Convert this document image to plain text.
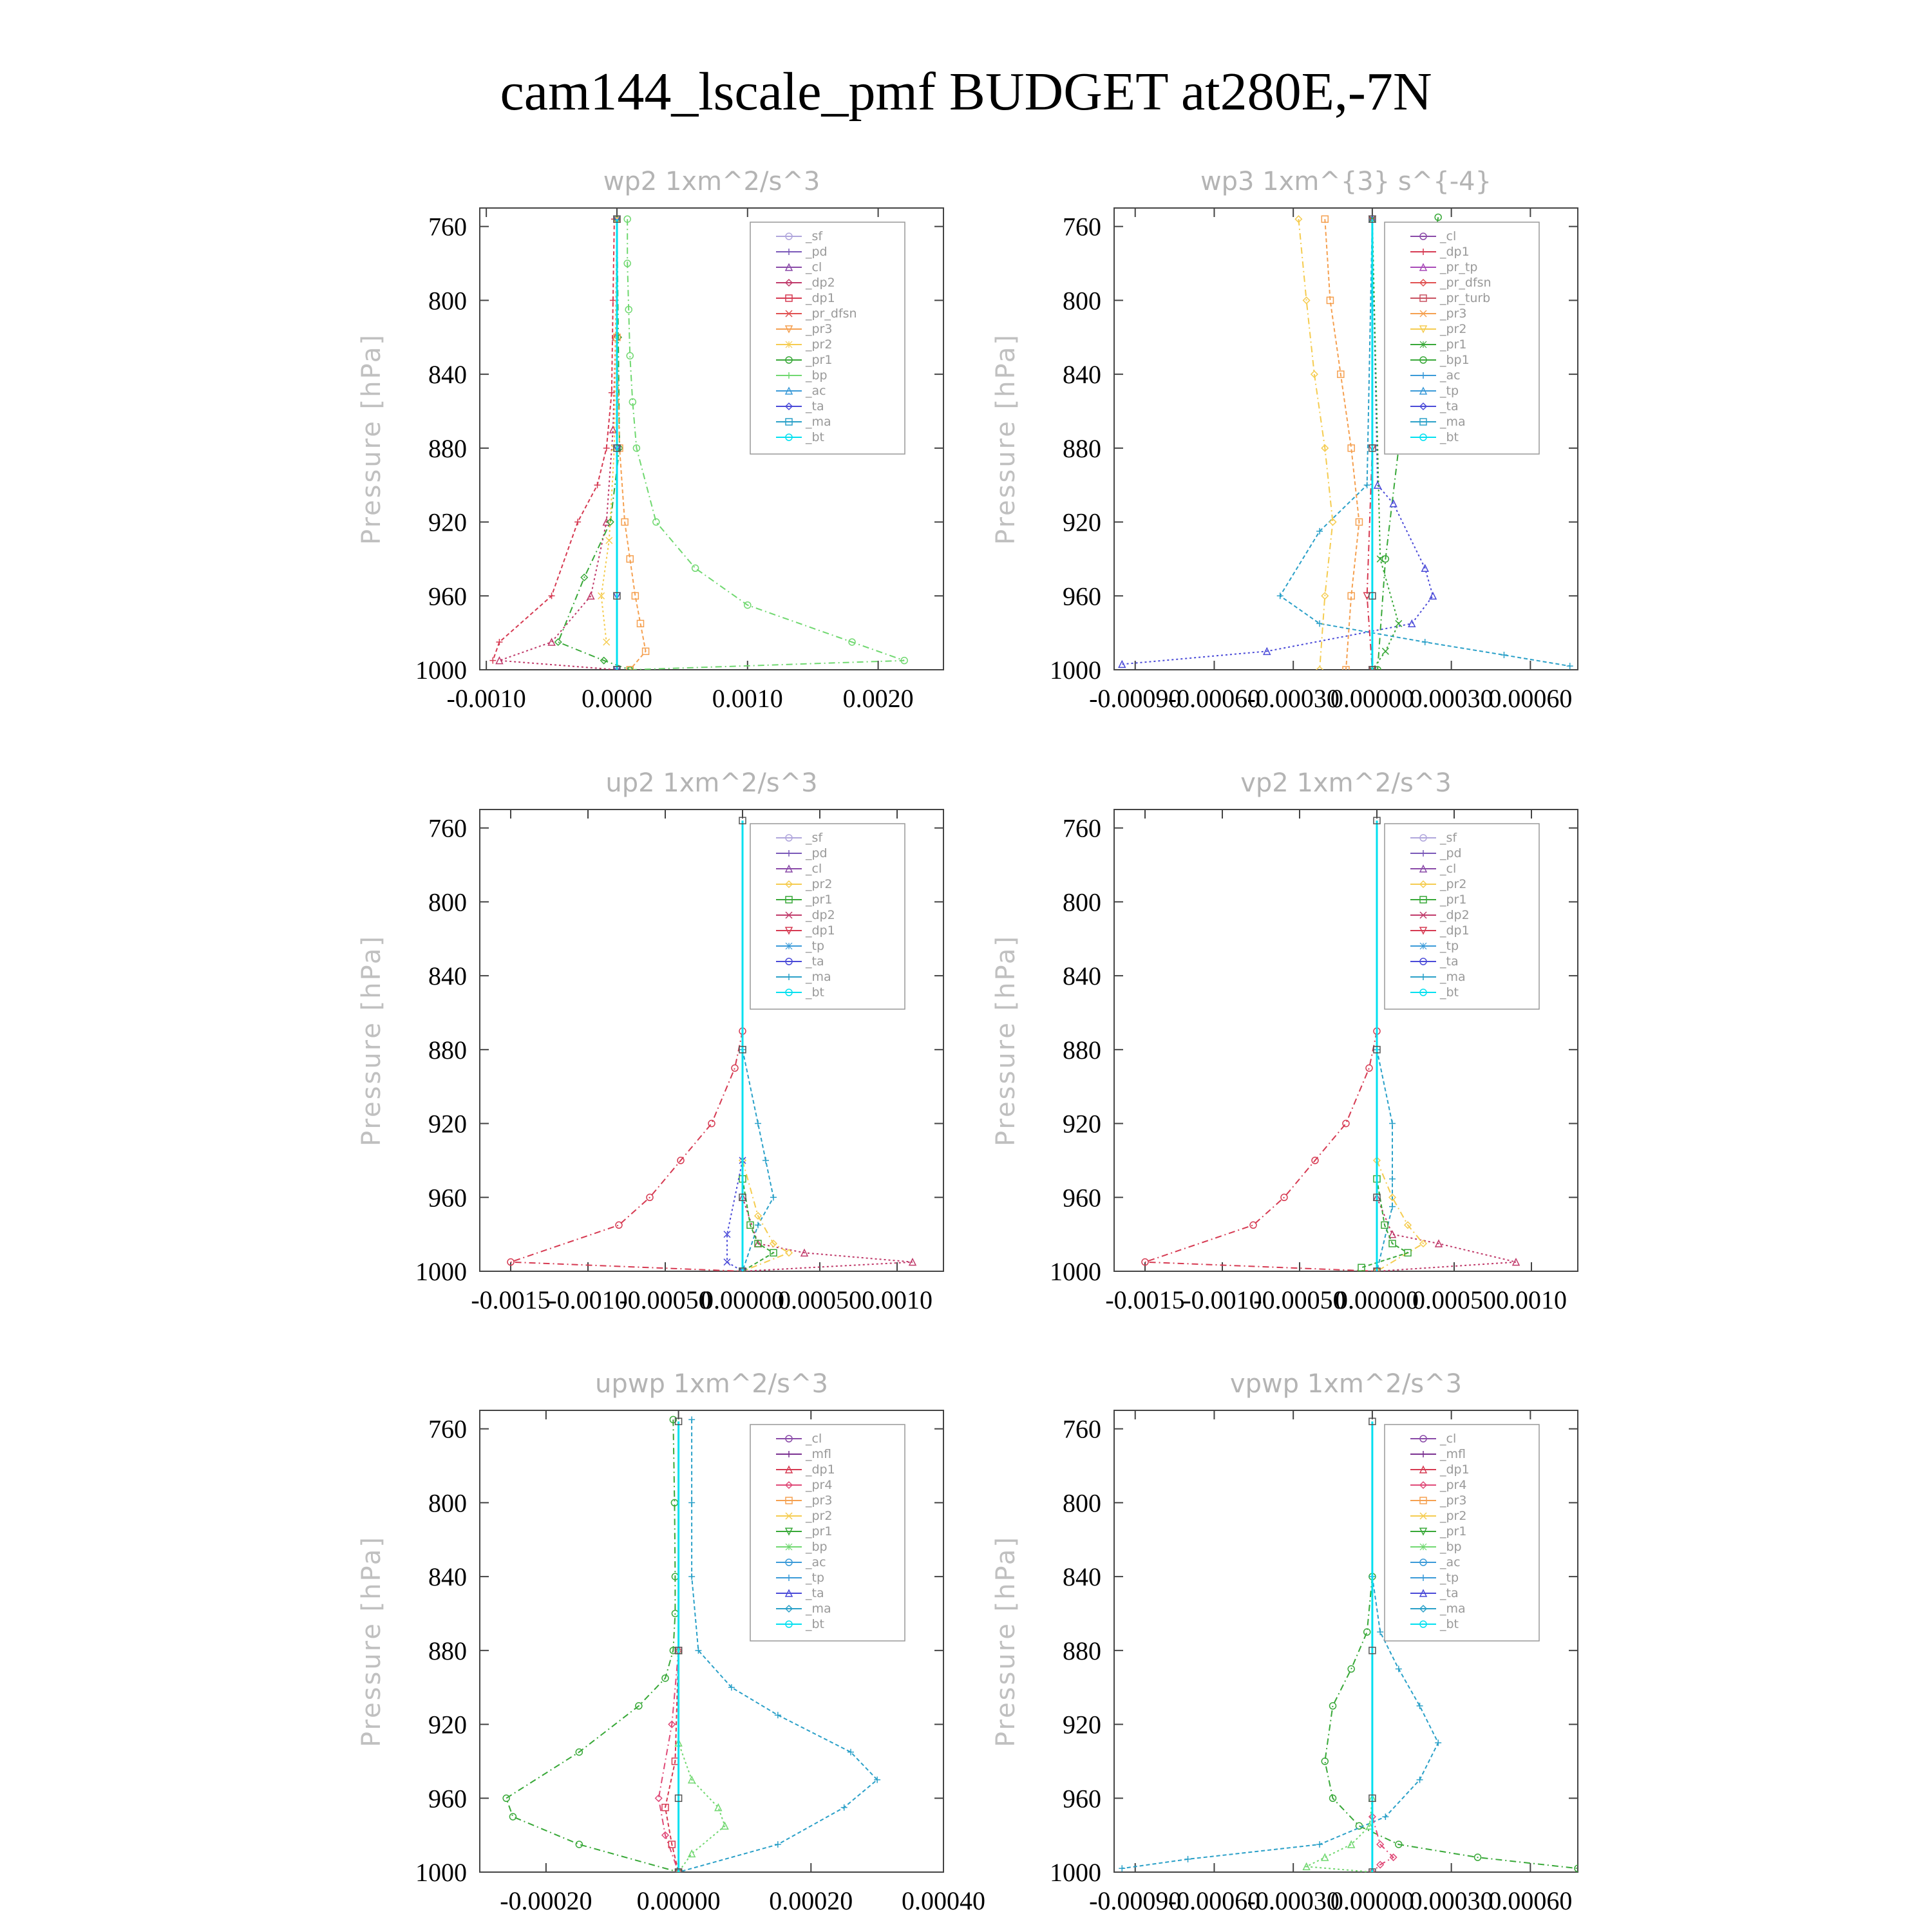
cam144_lscale_pmf BUDGET at280E,-7N
wp2 1xm^2/s^3
Pressure [hPa]
760
800
840
880
920
960
1000
-0.0010 0.0000 0.0010 0.0020
_sf
_pd
_cl
_dp2
_dp1
_pr_dfsn
_pr3
_pr2
_pr1
_bp
_ac
_ta
_ma
_bt
wp3 1xm^{3} s^{-4}
Pressure [hPa]
760
800
840
880
920
960
1000
-0.00090
-0.00060
-0.00030
0.00000
0.00030
0.00060
_cl
_dp1
_pr_tp
_pr_dfsn
_pr_turb
_pr3
_pr2
_pr1
_bp1
_ac
_tp
_ta
_ma
_bt
up2 1xm^2/s^3
Pressure [hPa]
760
800
840
880
920
960
1000
-0.0015
-0.0010
-0.00050
0.00000
0.00050 0.0010
_sf
_pd
_cl
_pr2
_pr1
_dp2
_dp1
_tp
_ta
_ma
_bt
vp2 1xm^2/s^3
Pressure [hPa]
760
800
840
880
920
960
1000
-0.0015
-0.0010
-0.00050
0.00000
0.00050 0.0010
_sf
_pd
_cl
_pr2
_pr1
_dp2
_dp1
_tp
_ta
_ma
_bt
upwp 1xm^2/s^3
Pressure [hPa]
760
800
840
880
920
960
1000
-0.00020 0.00000 0.00020 0.00040
_cl
_mfl
_dp1
_pr4
_pr3
_pr2
_pr1
_bp
_ac
_tp
_ta
_ma
_bt
vpwp 1xm^2/s^3
Pressure [hPa]
760
800
840
880
920
960
1000
-0.00090
-0.00060
-0.00030
0.00000
0.00030
0.00060
_cl
_mfl
_dp1
_pr4
_pr3
_pr2
_pr1
_bp
_ac
_tp
_ta
_ma
_bt
